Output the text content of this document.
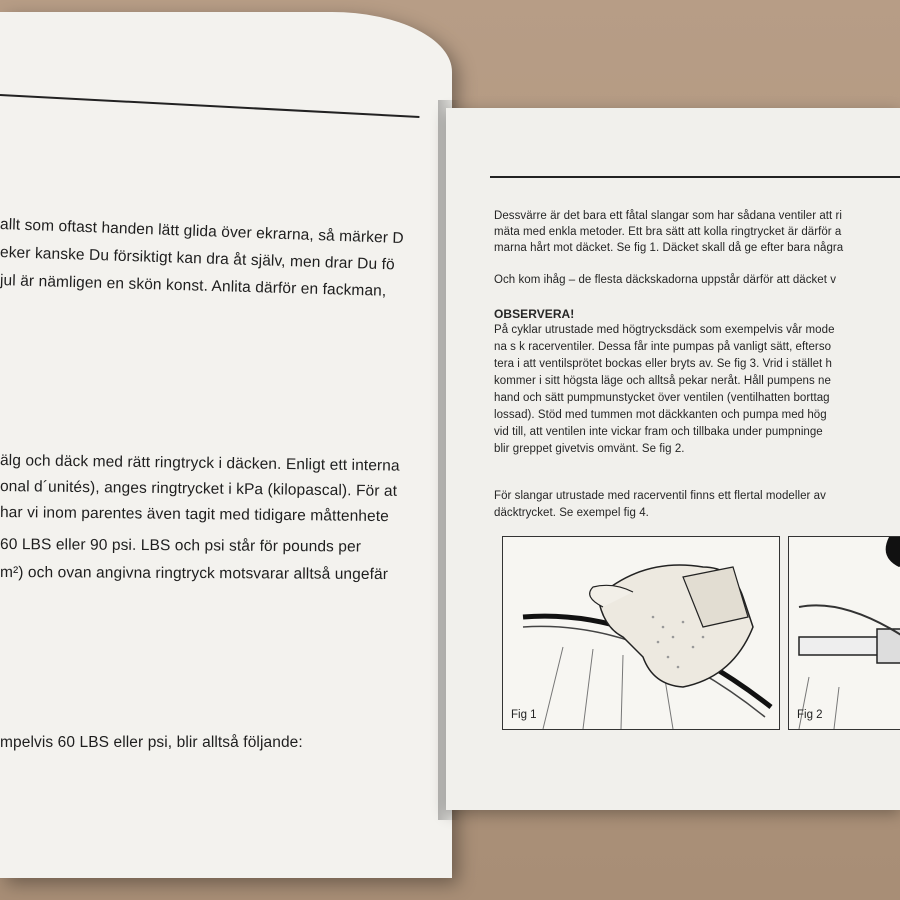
allt som oftast handen lätt glida över ekrarna, så märker D
eker kanske Du försiktigt kan dra åt själv, men drar Du fö
jul är nämligen en skön konst. Anlita därför en fackman,
älg och däck med rätt ringtryck i däcken. Enligt ett interna
onal d´unités), anges ringtrycket i kPa (kilopascal). För at
har vi inom parentes även tagit med tidigare måttenhete
60 LBS eller 90 psi. LBS och psi står för pounds per
m²) och ovan angivna ringtryck motsvarar alltså ungefär
mpelvis 60 LBS eller psi, blir alltså följande:
Dessvärre är det bara ett fåtal slangar som har sådana ventiler att ri
mäta med enkla metoder. Ett bra sätt att kolla ringtrycket är därför a
marna hårt mot däcket. Se fig 1. Däcket skall då ge efter bara några
Och kom ihåg – de flesta däckskadorna uppstår därför att däcket v
OBSERVERA!
På cyklar utrustade med högtrycksdäck som exempelvis vår mode
na s k racerventiler. Dessa får inte pumpas på vanligt sätt, efterso
tera i att ventilsprötet bockas eller bryts av. Se fig 3. Vrid i stället h
kommer i sitt högsta läge och alltså pekar neråt. Håll pumpens ne
hand och sätt pumpmunstycket över ventilen (ventilhatten borttag
lossad). Stöd med tummen mot däckkanten och pumpa med hög
vid till, att ventilen inte vickar fram och tillbaka under pumpninge
blir greppet givetvis omvänt. Se fig 2.
För slangar utrustade med racerventil finns ett flertal modeller av
däcktrycket. Se exempel fig 4.
Fig 1	Fig 2
